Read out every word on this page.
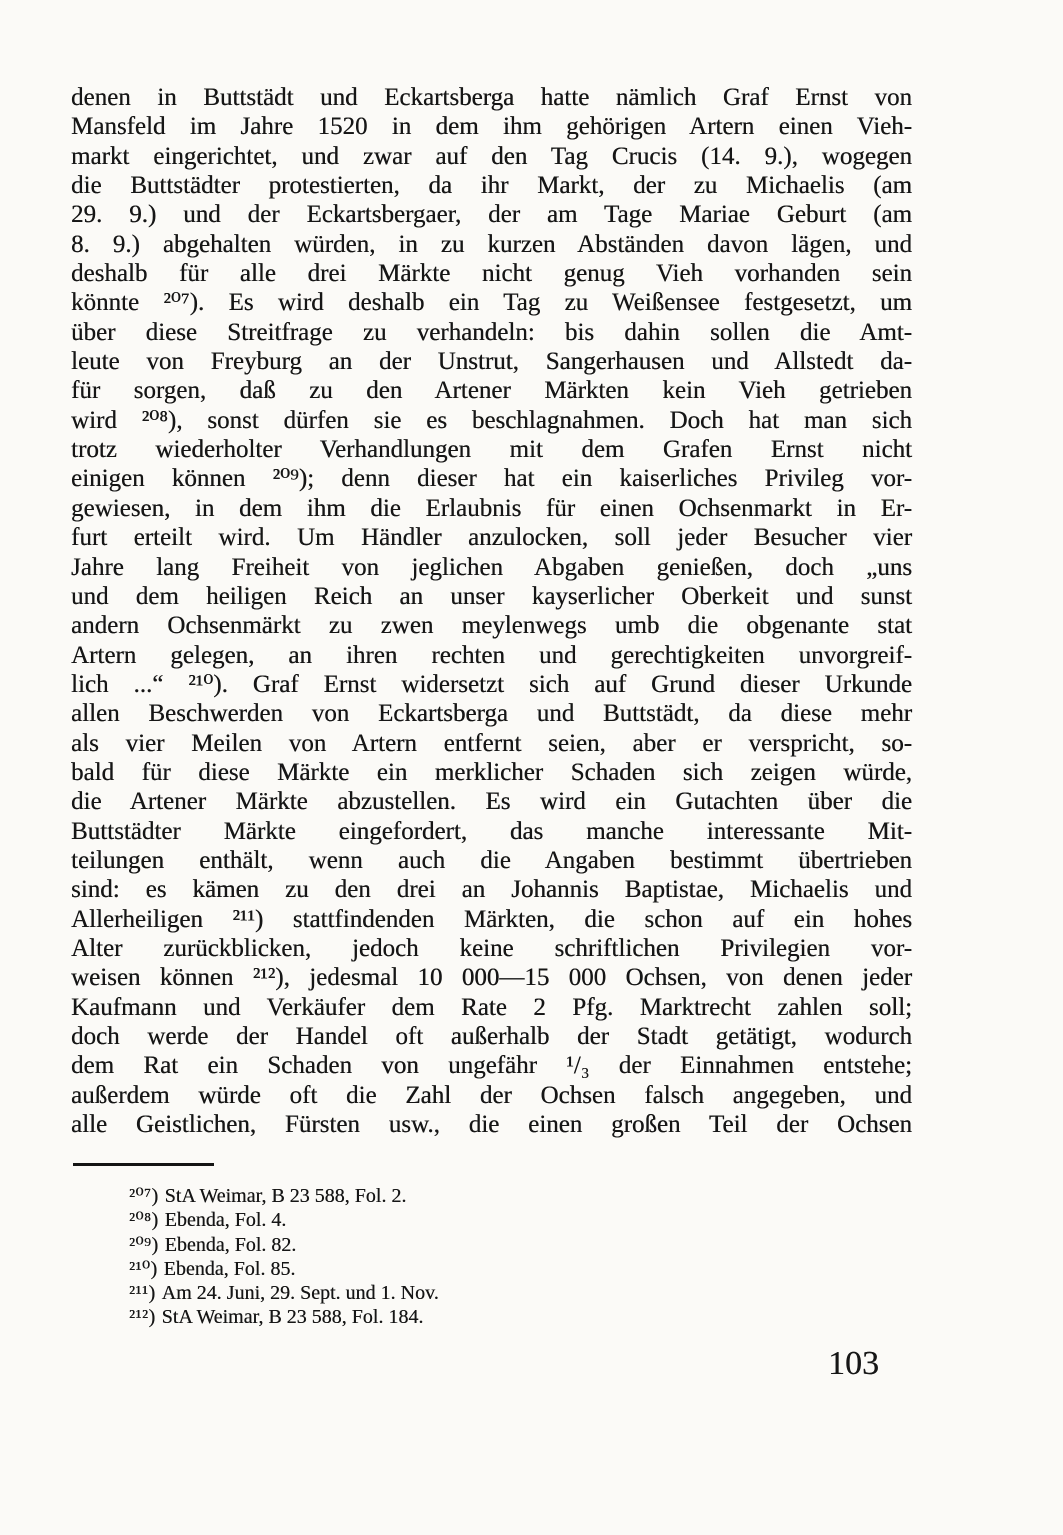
denen in Buttstädt und Eckartsberga hatte nämlich Graf Ernst von
Mansfeld im Jahre 1520 in dem ihm gehörigen Artern einen Vieh-
markt eingerichtet, und zwar auf den Tag Crucis (14. 9.), wogegen
die Buttstädter protestierten, da ihr Markt, der zu Michaelis (am
29. 9.) und der Eckartsbergaer, der am Tage Mariae Geburt (am
8. 9.) abgehalten würden, in zu kurzen Abständen davon lägen, und
deshalb für alle drei Märkte nicht genug Vieh vorhanden sein
könnte ²⁰⁷). Es wird deshalb ein Tag zu Weißensee festgesetzt, um
über diese Streitfrage zu verhandeln: bis dahin sollen die Amt-
leute von Freyburg an der Unstrut, Sangerhausen und Allstedt da-
für sorgen, daß zu den Artener Märkten kein Vieh getrieben
wird ²⁰⁸), sonst dürfen sie es beschlagnahmen. Doch hat man sich
trotz wiederholter Verhandlungen mit dem Grafen Ernst nicht
einigen können ²⁰⁹); denn dieser hat ein kaiserliches Privileg vor-
gewiesen, in dem ihm die Erlaubnis für einen Ochsenmarkt in Er-
furt erteilt wird. Um Händler anzulocken, soll jeder Besucher vier
Jahre lang Freiheit von jeglichen Abgaben genießen, doch „uns
und dem heiligen Reich an unser kayserlicher Oberkeit und sunst
andern Ochsenmärkt zu zwen meylenwegs umb die obgenante stat
Artern gelegen, an ihren rechten und gerechtigkeiten unvorgreif-
lich ...“ ²¹⁰). Graf Ernst widersetzt sich auf Grund dieser Urkunde
allen Beschwerden von Eckartsberga und Buttstädt, da diese mehr
als vier Meilen von Artern entfernt seien, aber er verspricht, so-
bald für diese Märkte ein merklicher Schaden sich zeigen würde,
die Artener Märkte abzustellen. Es wird ein Gutachten über die
Buttstädter Märkte eingefordert, das manche interessante Mit-
teilungen enthält, wenn auch die Angaben bestimmt übertrieben
sind: es kämen zu den drei an Johannis Baptistae, Michaelis und
Allerheiligen ²¹¹) stattfindenden Märkten, die schon auf ein hohes
Alter zurückblicken, jedoch keine schriftlichen Privilegien vor-
weisen können ²¹²), jedesmal 10 000—15 000 Ochsen, von denen jeder
Kaufmann und Verkäufer dem Rate 2 Pfg. Marktrecht zahlen soll;
doch werde der Handel oft außerhalb der Stadt getätigt, wodurch
dem Rat ein Schaden von ungefähr ¹/₃ der Einnahmen entstehe;
außerdem würde oft die Zahl der Ochsen falsch angegeben, und
alle Geistlichen, Fürsten usw., die einen großen Teil der Ochsen
²⁰⁷) StA Weimar, B 23 588, Fol. 2.
²⁰⁸) Ebenda, Fol. 4.
²⁰⁹) Ebenda, Fol. 82.
²¹⁰) Ebenda, Fol. 85.
²¹¹) Am 24. Juni, 29. Sept. und 1. Nov.
²¹²) StA Weimar, B 23 588, Fol. 184.
103
